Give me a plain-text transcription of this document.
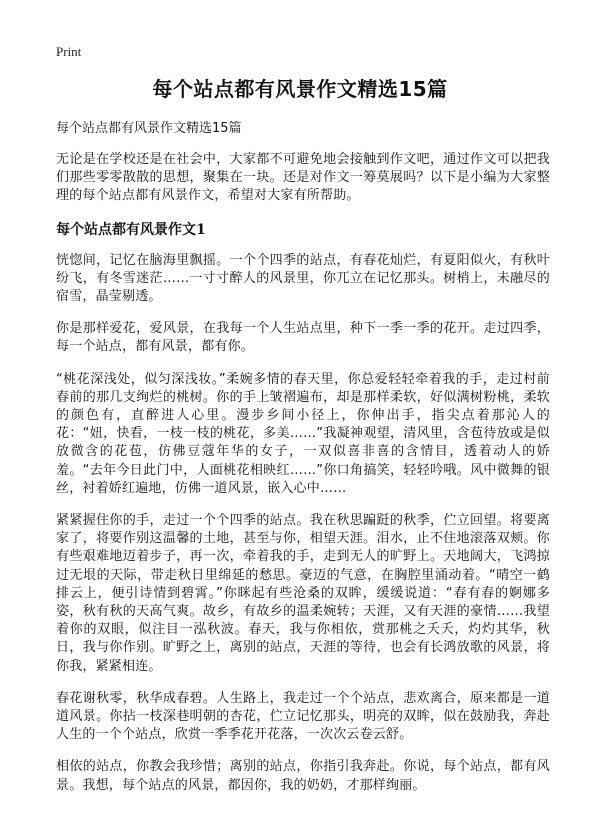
Print
每个站点都有风景作文精选15篇
每个站点都有风景作文精选15篇

无论是在学校还是在社会中，大家都不可避免地会接触到作文吧，通过作文可以把我们那些零零散散的思想，聚集在一块。还是对作文一筹莫展吗？以下是小编为大家整理的每个站点都有风景作文，希望对大家有所帮助。

每个站点都有风景作文1

恍惚间，记忆在脑海里飘摇。一个个四季的站点，有春花灿烂，有夏阳似火，有秋叶纷飞，有冬雪迷茫……一寸寸醉人的风景里，你兀立在记忆那头。树梢上，未融尽的宿雪，晶莹剔透。

你是那样爱花，爱风景，在我每一个人生站点里，种下一季一季的花开。走过四季，每一个站点，都有风景，都有你。

“桃花深浅处，似匀深浅妆。”柔婉多情的春天里，你总爱轻轻牵着我的手，走过村前春前的那几支绚烂的桃树。你的手上皱褶遍布，却是那样柔软，好似满树粉桃，柔软的颜色有，直醉进人心里。漫步乡间小径上，你伸出手，指尖点着那沁人的花：“妞，快看，一枝一枝的桃花，多美……”我凝神观望，清风里，含苞待放或是似放微含的花苞，仿佛豆蔻年华的女子，一双似喜非喜的含情目，透着动人的娇羞。“去年今日此门中，人面桃花相映红……”你口角搞笑，轻轻吟哦。风中微舞的银丝，衬着娇红遍地，仿佛一道风景，嵌入心中……

紧紧握住你的手，走过一个个四季的站点。我在秋思蹁跹的秋季，伫立回望。将要离家了，将要作别这温馨的土地，甚至与你，相望天涯。泪水，止不住地滚落双颊。你有些艰难地迈着步子，再一次，牵着我的手，走到无人的旷野上。天地阔大，飞鸿掠过无垠的天际，带走秋日里绵延的愁思。豪迈的气意，在胸腔里涌动着。“晴空一鹤排云上，便引诗情到碧霄。”你眯起有些沧桑的双眸，缓缓说道：“春有春的婀娜多姿，秋有秋的天高气爽。故乡，有故乡的温柔婉转；天涯，又有天涯的豪情……我望着你的双眼，似注目一泓秋波。春天，我与你相依，赏那桃之夭夭，灼灼其华，秋日，我与你作别。旷野之上，离别的站点，天涯的等待，也会有长鸿放歌的风景，将你我，紧紧相连。

春花谢秋零，秋华成春碧。人生路上，我走过一个个站点，悲欢离合，原来都是一道道风景。你拈一枝深巷明朝的杏花，伫立记忆那头，明亮的双眸，似在鼓励我，奔赴人生的一个个站点，欣赏一季季花开花落，一次次云卷云舒。

相依的站点，你教会我珍惜；离别的站点，你指引我奔赴。你说，每个站点，都有风景。我想，每个站点的风景，都因你，我的奶奶，才那样绚丽。
